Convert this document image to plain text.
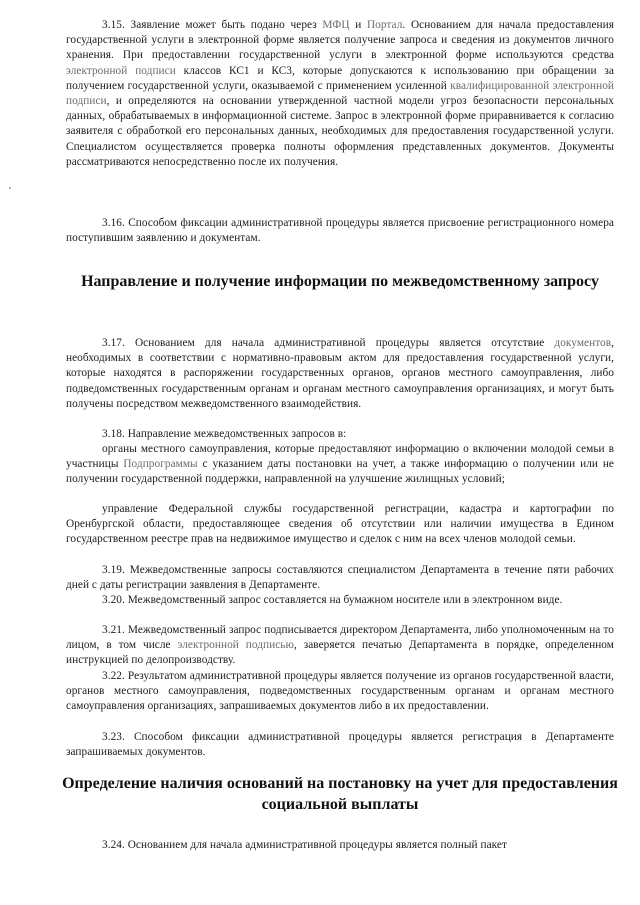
3.15. Заявление может быть подано через МФЦ и Портал. Основанием для начала предоставления государственной услуги в электронной форме является получение запроса и сведения из документов личного хранения. При предоставлении государственной услуги в электронной форме используются средства электронной подписи классов КС1 и КС3, которые допускаются к использованию при обращении за получением государственной услуги, оказываемой с применением усиленной квалифицированной электронной подписи, и определяются на основании утвержденной частной модели угроз безопасности персональных данных, обрабатываемых в информационной системе. Запрос в электронной форме приравнивается к согласию заявителя с обработкой его персональных данных, необходимых для предоставления государственной услуги. Специалистом осуществляется проверка полноты оформления представленных документов. Документы рассматриваются непосредственно после их получения.

3.16. Способом фиксации административной процедуры является присвоение регистрационного номера поступившим заявлению и документам.

Направление и получение информации по межведомственному запросу

3.17. Основанием для начала административной процедуры является отсутствие документов, необходимых в соответствии с нормативно-правовым актом для предоставления государственной услуги, которые находятся в распоряжении государственных органов, органов местного самоуправления, либо подведомственных государственным органам и органам местного самоуправления организациях, и могут быть получены посредством межведомственного взаимодействия.

3.18. Направление межведомственных запросов в:

органы местного самоуправления, которые предоставляют информацию о включении молодой семьи в участницы Подпрограммы с указанием даты постановки на учет, а также информацию о получении или не получении государственной поддержки, направленной на улучшение жилищных условий;

управление Федеральной службы государственной регистрации, кадастра и картографии по Оренбургской области, предоставляющее сведения об отсутствии или наличии имущества в Едином государственном реестре прав на недвижимое имущество и сделок с ним на всех членов молодой семьи.

3.19. Межведомственные запросы составляются специалистом Департамента в течение пяти рабочих дней с даты регистрации заявления в Департаменте.

3.20. Межведомственный запрос составляется на бумажном носителе или в электронном виде.

3.21. Межведомственный запрос подписывается директором Департамента, либо уполномоченным на то лицом, в том числе электронной подписью, заверяется печатью Департамента в порядке, определенном инструкцией по делопроизводству.

3.22. Результатом административной процедуры является получение из органов государственной власти, органов местного самоуправления, подведомственных государственным органам и органам местного самоуправления организациях, запрашиваемых документов либо в их предоставлении.

3.23. Способом фиксации административной процедуры является регистрация в Департаменте запрашиваемых документов.

Определение наличия оснований на постановку на учет для предоставления социальной выплаты

3.24. Основанием для начала административной процедуры является полный пакет
